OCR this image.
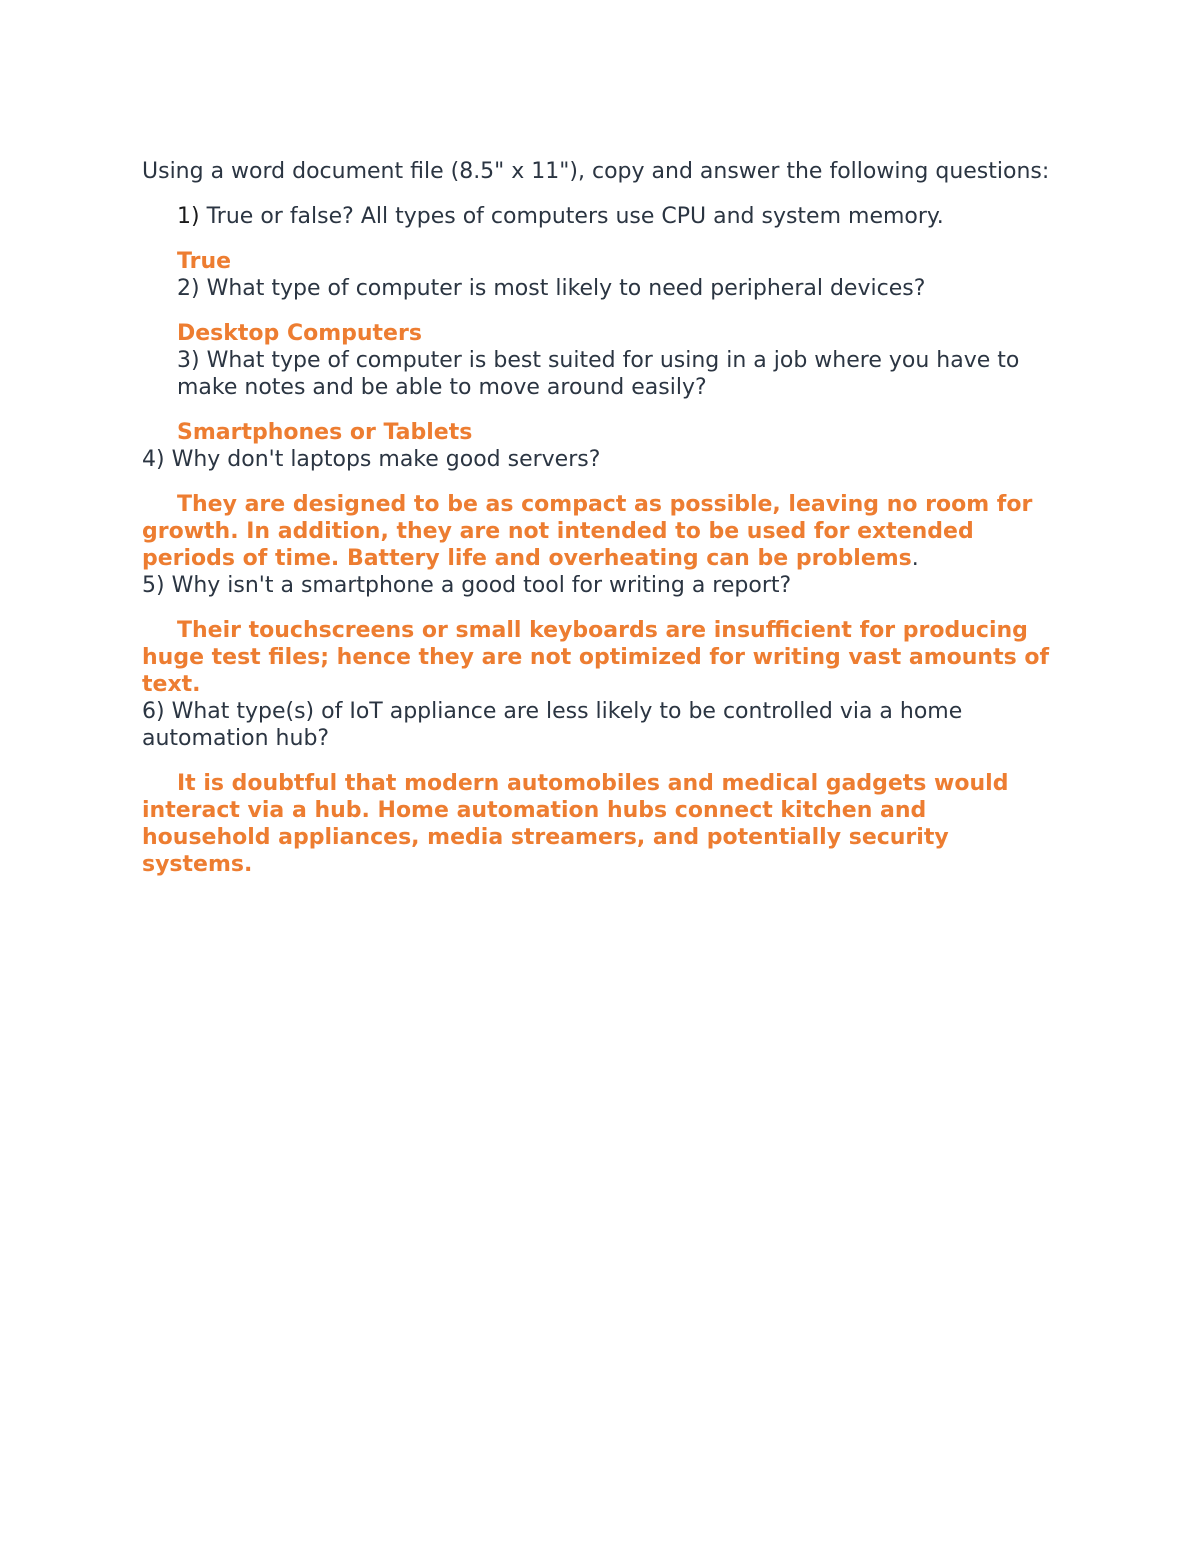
Using a word document file (8.5" x 11"), copy and answer the following questions:

1) True or false? All types of computers use CPU and system memory.

True

2) What type of computer is most likely to need peripheral devices?

Desktop Computers

3) What type of computer is best suited for using in a job where you have to make notes and be able to move around easily?

Smartphones or Tablets

4) Why don't laptops make good servers?

They are designed to be as compact as possible, leaving no room for growth. In addition, they are not intended to be used for extended periods of time. Battery life and overheating can be problems.

5) Why isn't a smartphone a good tool for writing a report?

Their touchscreens or small keyboards are insufficient for producing huge test files; hence they are not optimized for writing vast amounts of text.

6) What type(s) of IoT appliance are less likely to be controlled via a home automation hub?

It is doubtful that modern automobiles and medical gadgets would interact via a hub. Home automation hubs connect kitchen and household appliances, media streamers, and potentially security systems.
